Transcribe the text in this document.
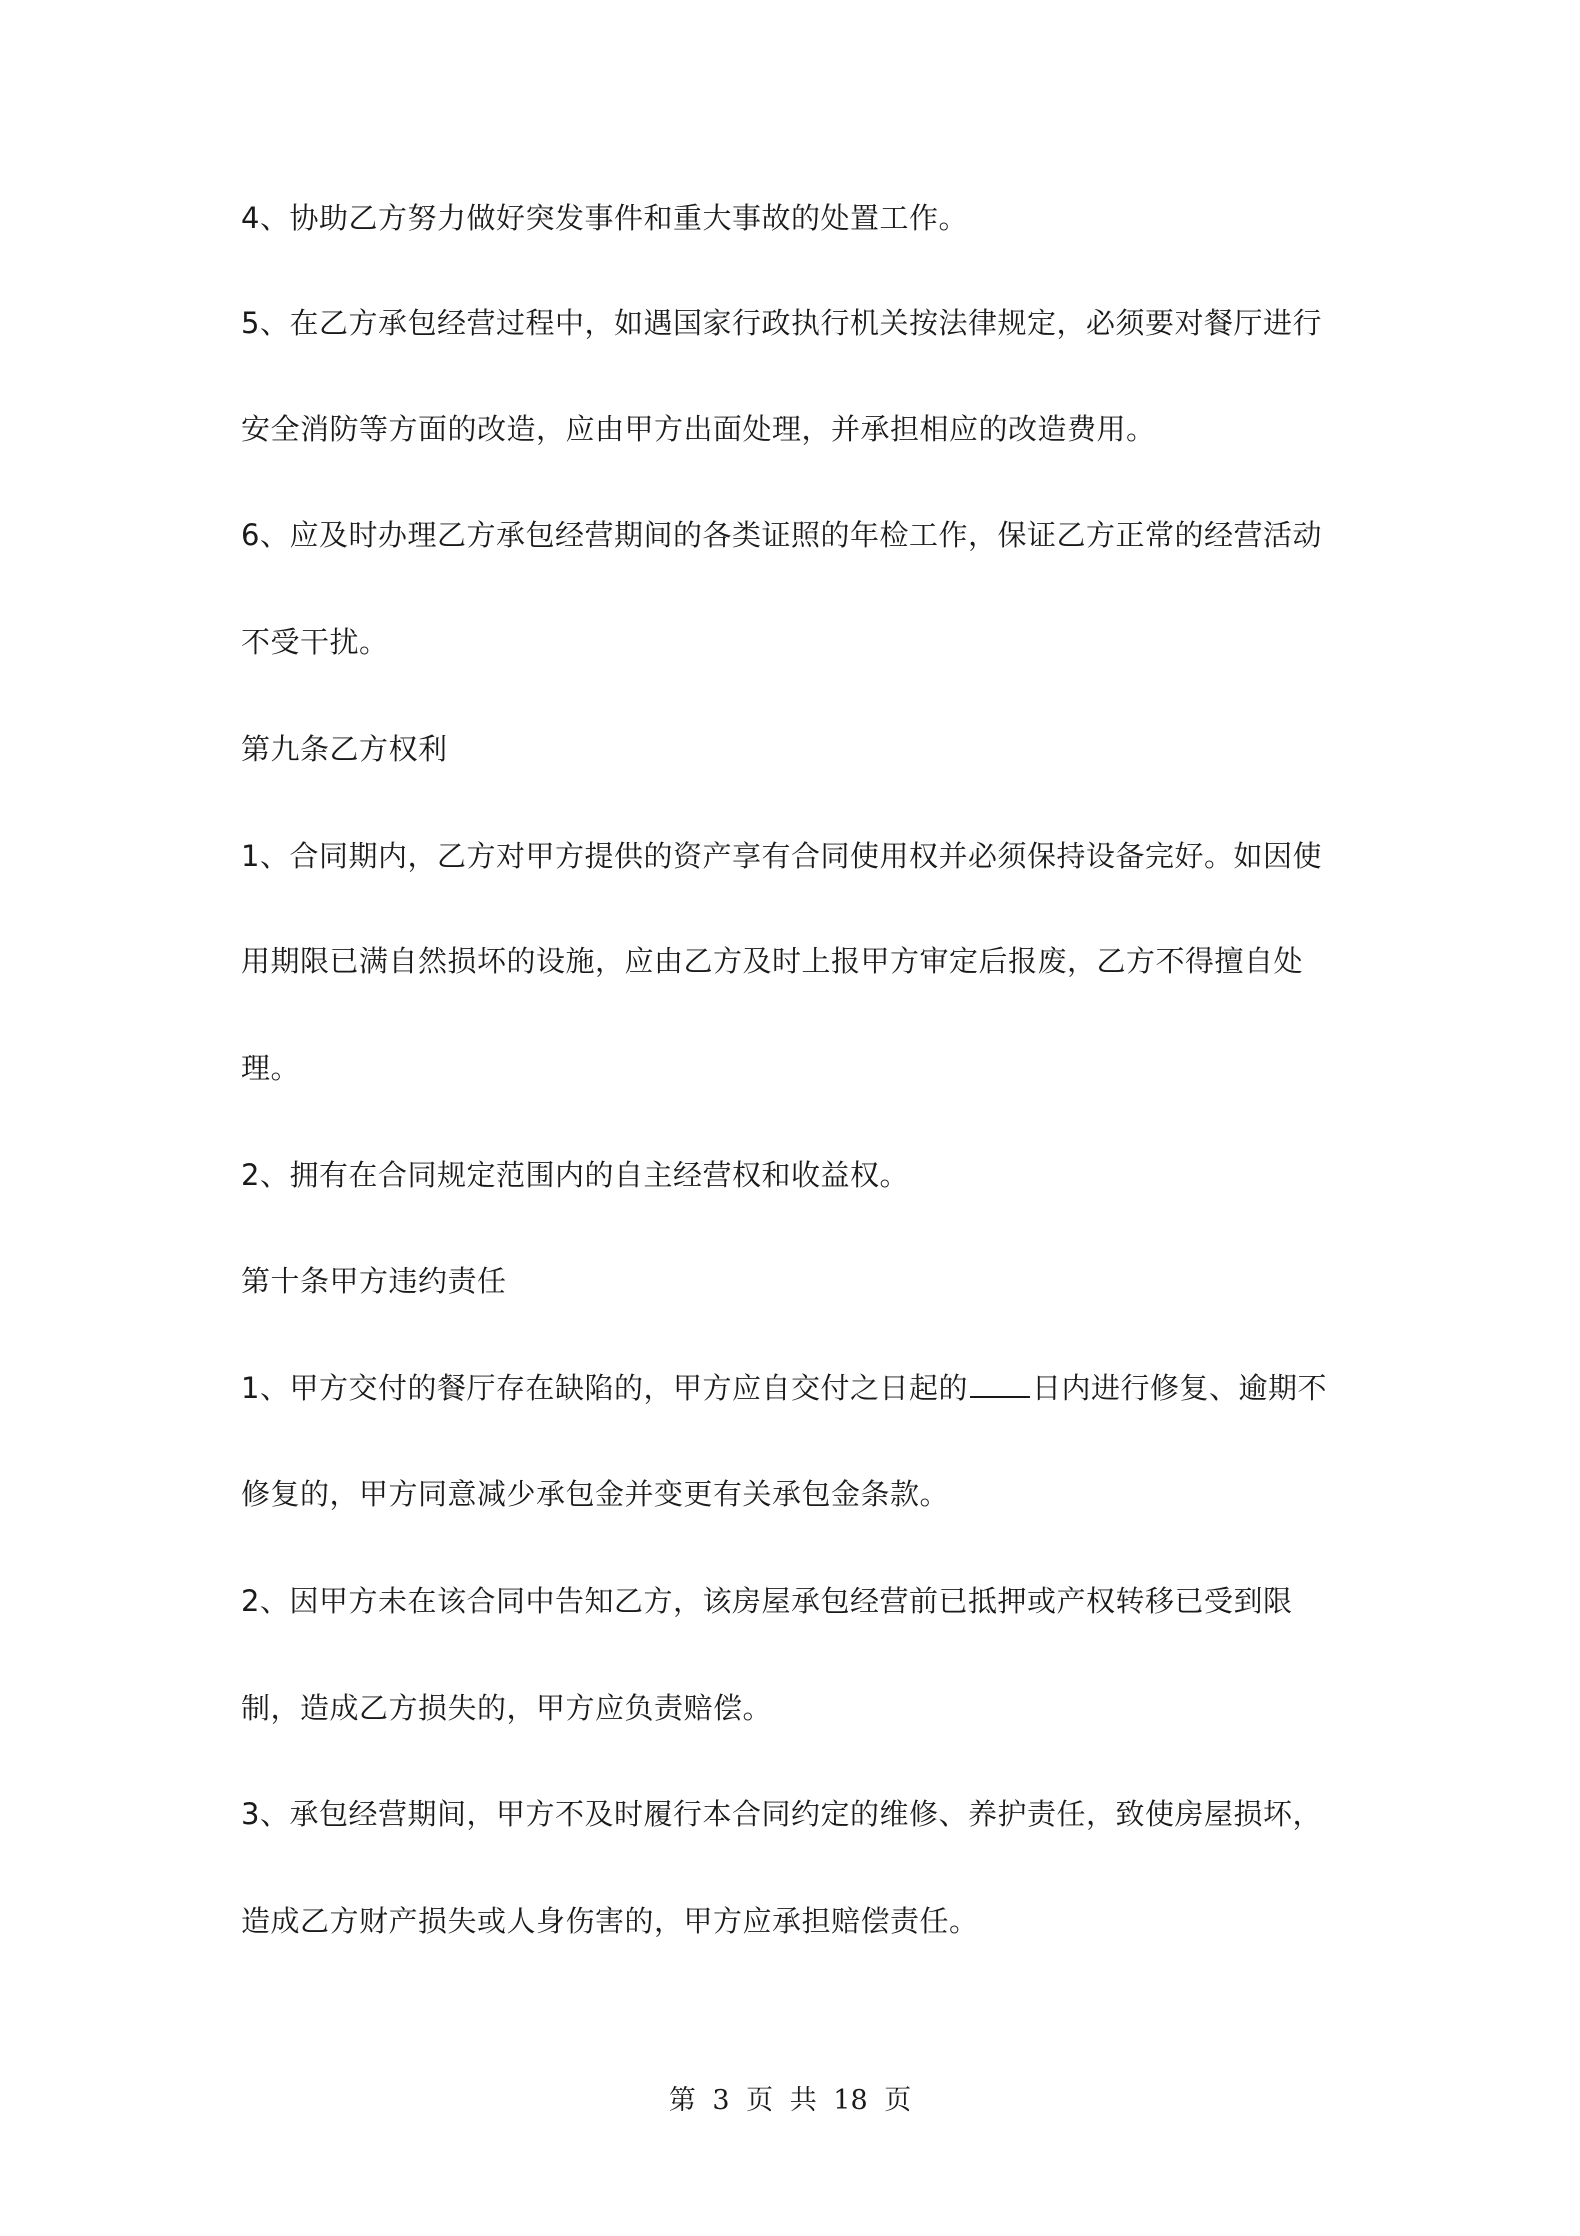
4、协助乙方努力做好突发事件和重大事故的处置工作。
5、在乙方承包经营过程中，如遇国家行政执行机关按法律规定，必须要对餐厅进行
安全消防等方面的改造，应由甲方出面处理，并承担相应的改造费用。
6、应及时办理乙方承包经营期间的各类证照的年检工作，保证乙方正常的经营活动
不受干扰。
第九条乙方权利
1、合同期内，乙方对甲方提供的资产享有合同使用权并必须保持设备完好。如因使
用期限已满自然损坏的设施，应由乙方及时上报甲方审定后报废，乙方不得擅自处
理。
2、拥有在合同规定范围内的自主经营权和收益权。
第十条甲方违约责任
1、甲方交付的餐厅存在缺陷的，甲方应自交付之日起的 日内进行修复、逾期不
修复的，甲方同意减少承包金并变更有关承包金条款。
2、因甲方未在该合同中告知乙方，该房屋承包经营前已抵押或产权转移已受到限
制，造成乙方损失的，甲方应负责赔偿。
3、承包经营期间，甲方不及时履行本合同约定的维修、养护责任，致使房屋损坏，
造成乙方财产损失或人身伤害的，甲方应承担赔偿责任。
第 3 页 共 18 页
